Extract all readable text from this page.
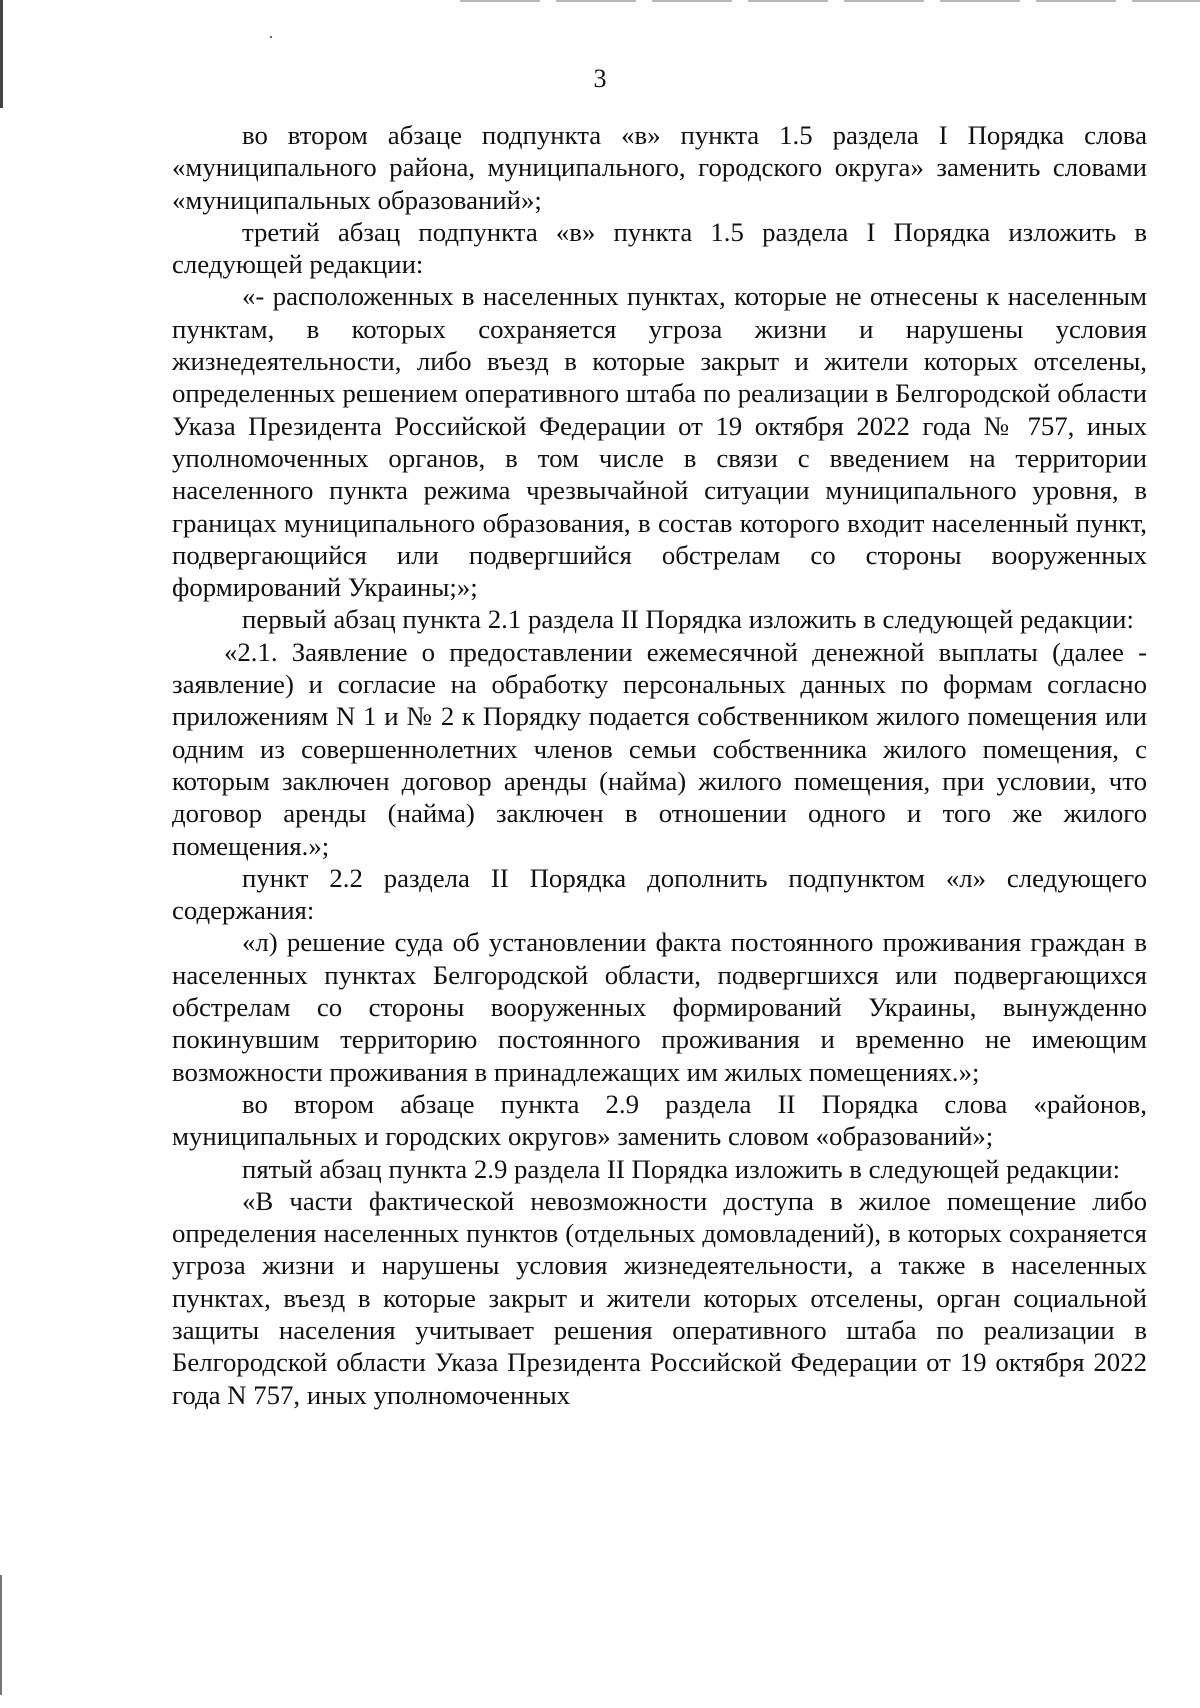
3

во втором абзаце подпункта «в» пункта 1.5 раздела I Порядка слова «муниципального района, муниципального, городского округа» заменить словами «муниципальных образований»;

третий абзац подпункта «в» пункта 1.5 раздела I Порядка изложить в следующей редакции:

«- расположенных в населенных пунктах, которые не отнесены к населенным пунктам, в которых сохраняется угроза жизни и нарушены условия жизнедеятельности, либо въезд в которые закрыт и жители которых отселены, определенных решением оперативного штаба по реализации в Белгородской области Указа Президента Российской Федерации от 19 октября 2022 года № 757, иных уполномоченных органов, в том числе в связи с введением на территории населенного пункта режима чрезвычайной ситуации муниципального уровня, в границах муниципального образования, в состав которого входит населенный пункт, подвергающийся или подвергшийся обстрелам со стороны вооруженных формирований Украины;»;

первый абзац пункта 2.1 раздела II Порядка изложить в следующей редакции:

«2.1. Заявление о предоставлении ежемесячной денежной выплаты (далее - заявление) и согласие на обработку персональных данных по формам согласно приложениям N 1 и № 2 к Порядку подается собственником жилого помещения или одним из совершеннолетних членов семьи собственника жилого помещения, с которым заключен договор аренды (найма) жилого помещения, при условии, что договор аренды (найма) заключен в отношении одного и того же жилого помещения.»;

пункт 2.2 раздела II Порядка дополнить подпунктом «л» следующего содержания:

«л) решение суда об установлении факта постоянного проживания граждан в населенных пунктах Белгородской области, подвергшихся или подвергающихся обстрелам со стороны вооруженных формирований Украины, вынужденно покинувшим территорию постоянного проживания и временно не имеющим возможности проживания в принадлежащих им жилых помещениях.»;

во втором абзаце пункта 2.9 раздела II Порядка слова «районов, муниципальных и городских округов» заменить словом «образований»;

пятый абзац пункта 2.9 раздела II Порядка изложить в следующей редакции:

«В части фактической невозможности доступа в жилое помещение либо определения населенных пунктов (отдельных домовладений), в которых сохраняется угроза жизни и нарушены условия жизнедеятельности, а также в населенных пунктах, въезд в которые закрыт и жители которых отселены, орган социальной защиты населения учитывает решения оперативного штаба по реализации в Белгородской области Указа Президента Российской Федерации от 19 октября 2022 года N 757, иных уполномоченных
